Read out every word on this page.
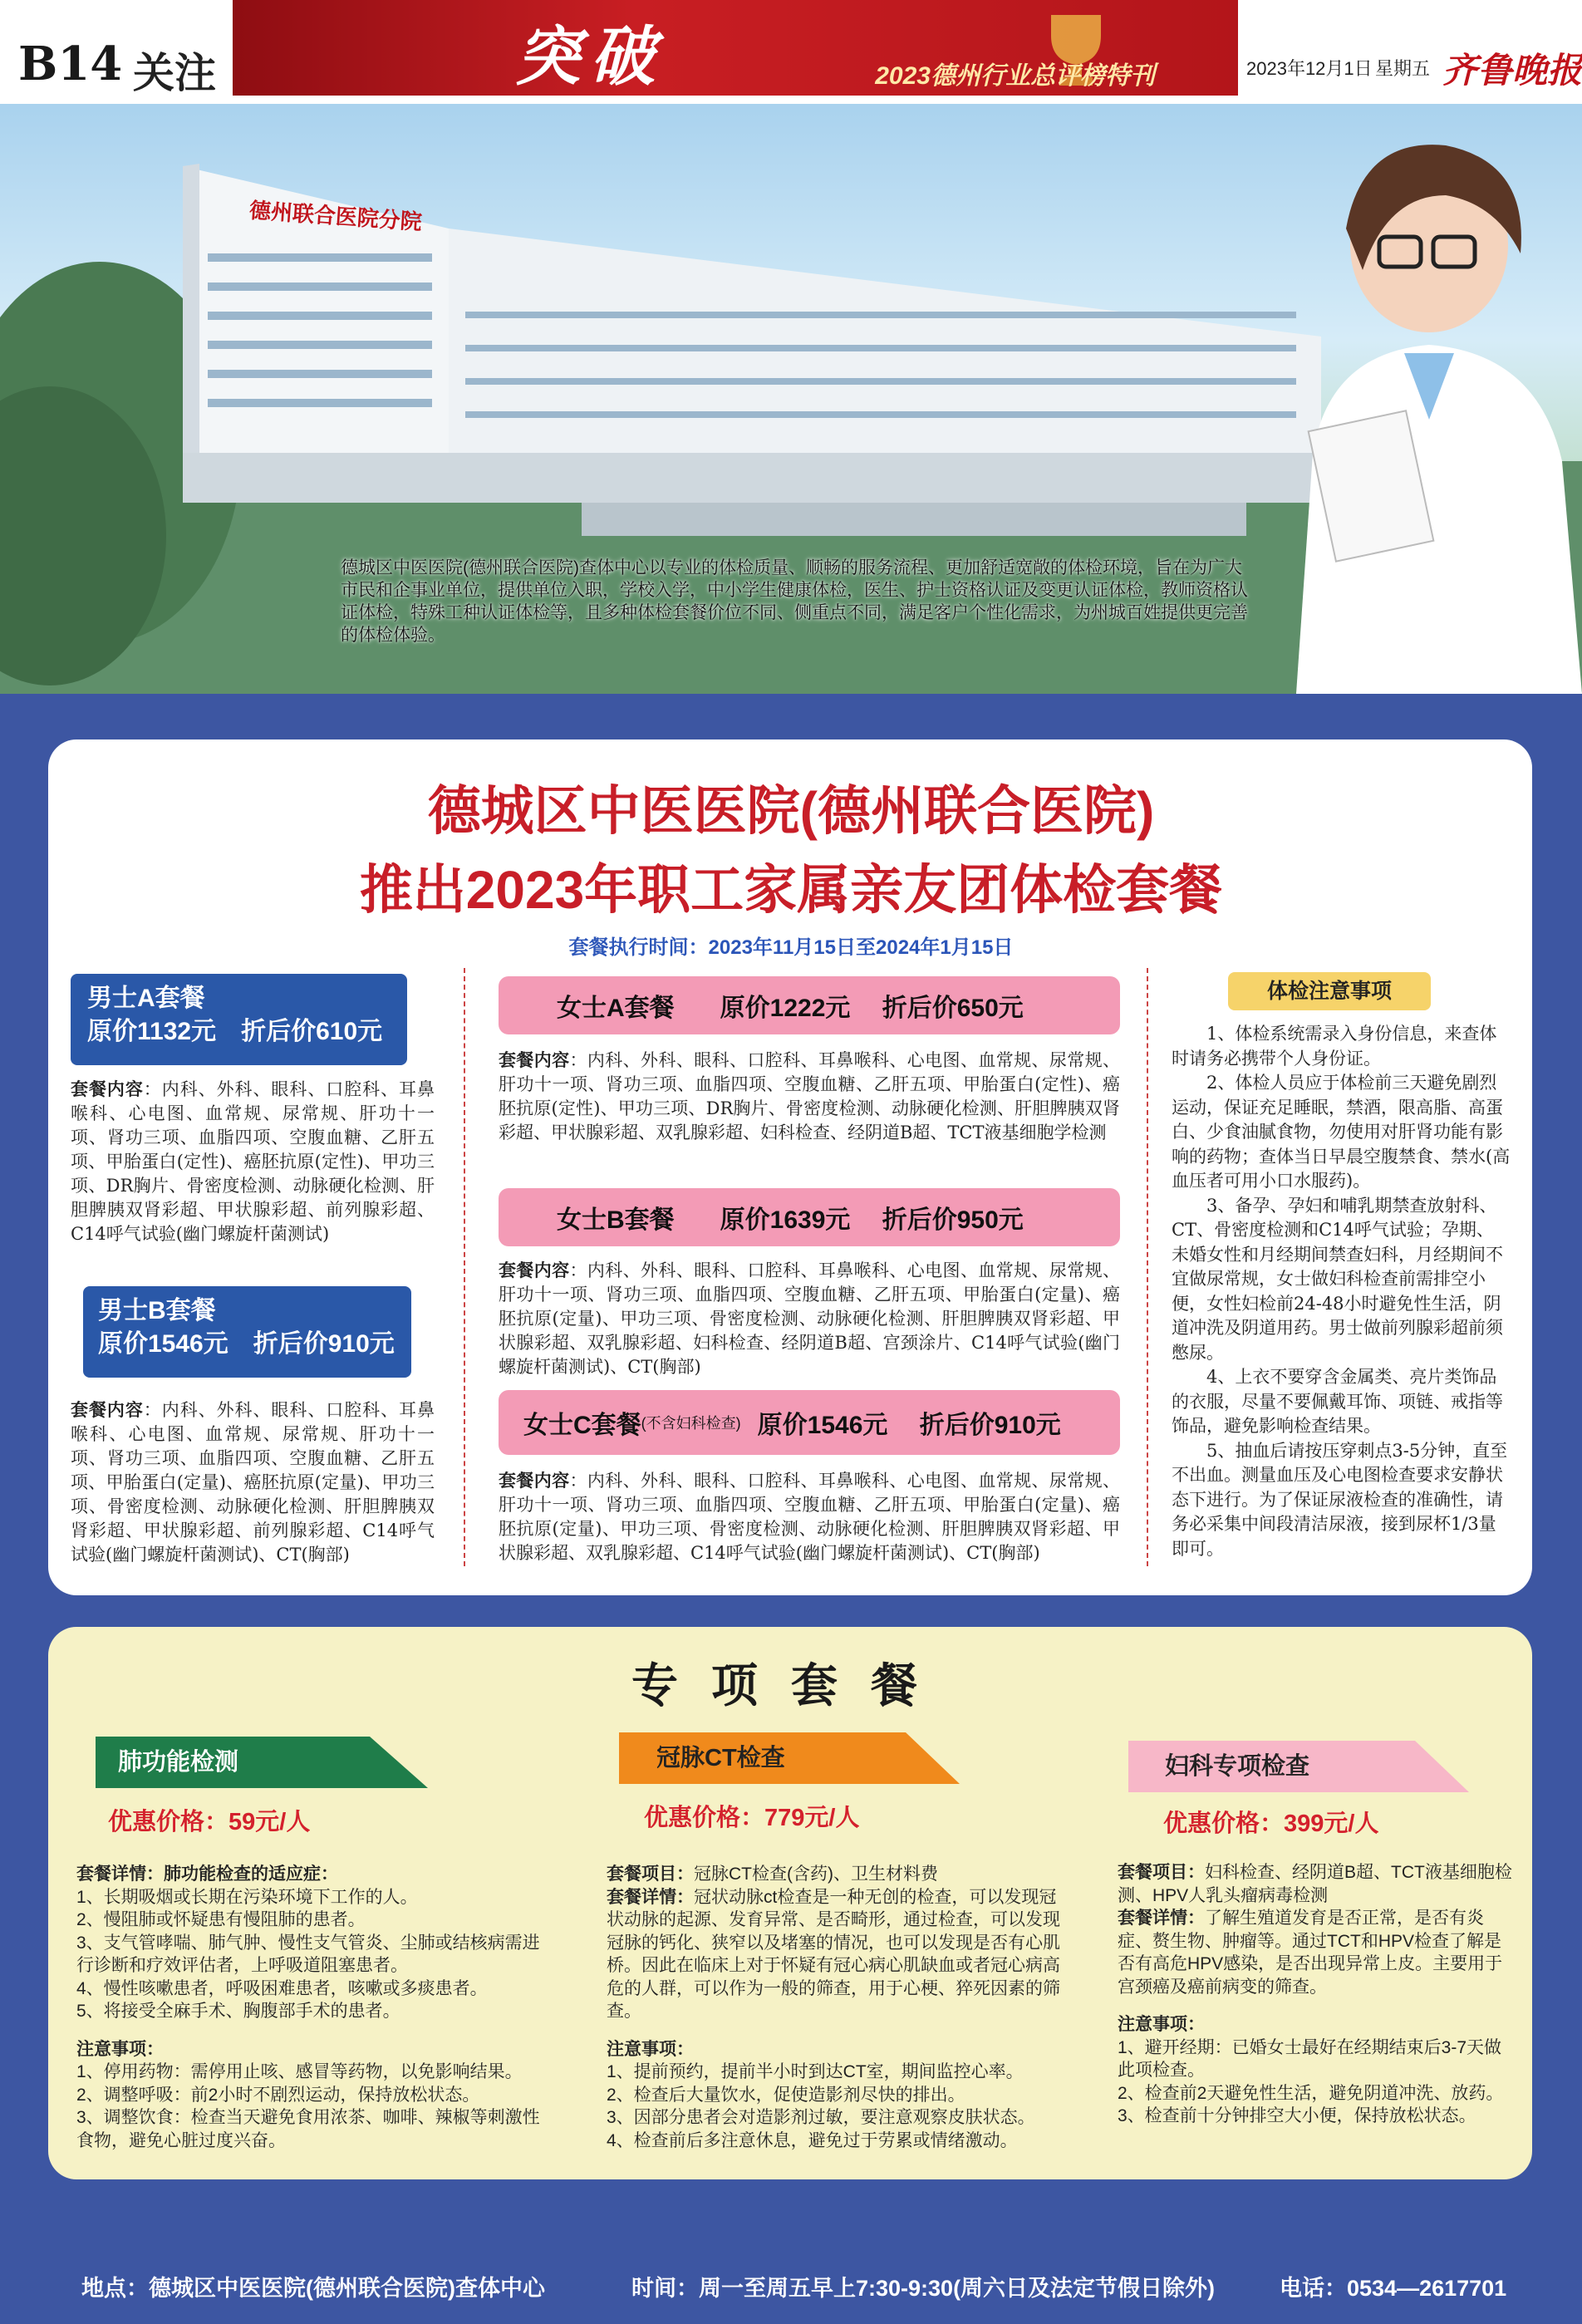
B14 关注	突破	2023德州行业总评榜特刊	2023年12月1日 星期五 齐鲁晚报
德州联合医院分院
德城区中医医院(德州联合医院)查体中心以专业的体检质量、顺畅的服务流程、更加舒适宽敞的体检环境，旨在为广大市民和企事业单位，提供单位入职，学校入学，中小学生健康体检，医生、护士资格认证及变更认证体检，教师资格认证体检，特殊工种认证体检等，且多种体检套餐价位不同、侧重点不同，满足客户个性化需求，为州城百姓提供更完善的体检体验。
德城区中医医院(德州联合医院)
推出2023年职工家属亲友团体检套餐
套餐执行时间：2023年11月15日至2024年1月15日
男士A套餐
原价1132元　折后价610元
套餐内容：内科、外科、眼科、口腔科、耳鼻喉科、心电图、血常规、尿常规、肝功十一项、肾功三项、血脂四项、空腹血糖、乙肝五项、甲胎蛋白(定性)、癌胚抗原(定性)、甲功三项、DR胸片、骨密度检测、动脉硬化检测、肝胆脾胰双肾彩超、甲状腺彩超、前列腺彩超、C14呼气试验(幽门螺旋杆菌测试)
男士B套餐
原价1546元　折后价910元
套餐内容：内科、外科、眼科、口腔科、耳鼻喉科、心电图、血常规、尿常规、肝功十一项、肾功三项、血脂四项、空腹血糖、乙肝五项、甲胎蛋白(定量)、癌胚抗原(定量)、甲功三项、骨密度检测、动脉硬化检测、肝胆脾胰双肾彩超、甲状腺彩超、前列腺彩超、C14呼气试验(幽门螺旋杆菌测试)、CT(胸部)
女士A套餐 原价1222元　 折后价650元
套餐内容：内科、外科、眼科、口腔科、耳鼻喉科、心电图、血常规、尿常规、肝功十一项、肾功三项、血脂四项、空腹血糖、乙肝五项、甲胎蛋白(定性)、癌胚抗原(定性)、甲功三项、DR胸片、骨密度检测、动脉硬化检测、肝胆脾胰双肾彩超、甲状腺彩超、双乳腺彩超、妇科检查、经阴道B超、TCT液基细胞学检测
女士B套餐 原价1639元　 折后价950元
套餐内容：内科、外科、眼科、口腔科、耳鼻喉科、心电图、血常规、尿常规、肝功十一项、肾功三项、血脂四项、空腹血糖、乙肝五项、甲胎蛋白(定量)、癌胚抗原(定量)、甲功三项、骨密度检测、动脉硬化检测、肝胆脾胰双肾彩超、甲状腺彩超、双乳腺彩超、妇科检查、经阴道B超、宫颈涂片、C14呼气试验(幽门螺旋杆菌测试)、CT(胸部)
女士C套餐 (不含妇科检查) 原价1546元　 折后价910元
套餐内容：内科、外科、眼科、口腔科、耳鼻喉科、心电图、血常规、尿常规、肝功十一项、肾功三项、血脂四项、空腹血糖、乙肝五项、甲胎蛋白(定量)、癌胚抗原(定量)、甲功三项、骨密度检测、动脉硬化检测、肝胆脾胰双肾彩超、甲状腺彩超、双乳腺彩超、C14呼气试验(幽门螺旋杆菌测试)、CT(胸部)
体检注意事项

1、体检系统需录入身份信息，来查体时请务必携带个人身份证。

2、体检人员应于体检前三天避免剧烈运动，保证充足睡眠，禁酒，限高脂、高蛋白、少食油腻食物，勿使用对肝肾功能有影响的药物；查体当日早晨空腹禁食、禁水(高血压者可用小口水服药)。

3、备孕、孕妇和哺乳期禁查放射科、CT、骨密度检测和C14呼气试验；孕期、未婚女性和月经期间禁查妇科，月经期间不宜做尿常规，女士做妇科检查前需排空小便，女性妇检前24-48小时避免性生活，阴道冲洗及阴道用药。男士做前列腺彩超前须憋尿。

4、上衣不要穿含金属类、亮片类饰品的衣服，尽量不要佩戴耳饰、项链、戒指等饰品，避免影响检查结果。

5、抽血后请按压穿刺点3-5分钟，直至不出血。测量血压及心电图检查要求安静状态下进行。为了保证尿液检查的准确性，请务必采集中间段清洁尿液，接到尿杯1/3量即可。

专项套餐
肺功能检测
优惠价格：59元/人
套餐详情：肺功能检查的适应症：
1、长期吸烟或长期在污染环境下工作的人。
2、慢阻肺或怀疑患有慢阻肺的患者。
3、支气管哮喘、肺气肿、慢性支气管炎、尘肺或结核病需进行诊断和疗效评估者，上呼吸道阻塞患者。
4、慢性咳嗽患者，呼吸困难患者，咳嗽或多痰患者。
5、将接受全麻手术、胸腹部手术的患者。
注意事项：
1、停用药物：需停用止咳、感冒等药物，以免影响结果。
2、调整呼吸：前2小时不剧烈运动，保持放松状态。
3、调整饮食：检查当天避免食用浓茶、咖啡、辣椒等刺激性食物，避免心脏过度兴奋。
冠脉CT检查
优惠价格：779元/人
套餐项目：冠脉CT检查(含药)、卫生材料费
套餐详情：冠状动脉ct检查是一种无创的检查，可以发现冠状动脉的起源、发育异常、是否畸形，通过检查，可以发现冠脉的钙化、狭窄以及堵塞的情况，也可以发现是否有心肌桥。因此在临床上对于怀疑有冠心病心肌缺血或者冠心病高危的人群，可以作为一般的筛查，用于心梗、猝死因素的筛查。
注意事项：
1、提前预约，提前半小时到达CT室，期间监控心率。
2、检查后大量饮水，促使造影剂尽快的排出。
3、因部分患者会对造影剂过敏，要注意观察皮肤状态。
4、检查前后多注意休息，避免过于劳累或情绪激动。
妇科专项检查
优惠价格：399元/人
套餐项目：妇科检查、经阴道B超、TCT液基细胞检测、HPV人乳头瘤病毒检测
套餐详情：了解生殖道发育是否正常，是否有炎症、赘生物、肿瘤等。通过TCT和HPV检查了解是否有高危HPV感染，是否出现异常上皮。主要用于宫颈癌及癌前病变的筛查。
注意事项：
1、避开经期：已婚女士最好在经期结束后3-7天做此项检查。
2、检查前2天避免性生活，避免阴道冲洗、放药。
3、检查前十分钟排空大小便，保持放松状态。
地点：德城区中医医院(德州联合医院)查体中心	时间：周一至周五早上7:30-9:30(周六日及法定节假日除外)	电话：0534—2617701
